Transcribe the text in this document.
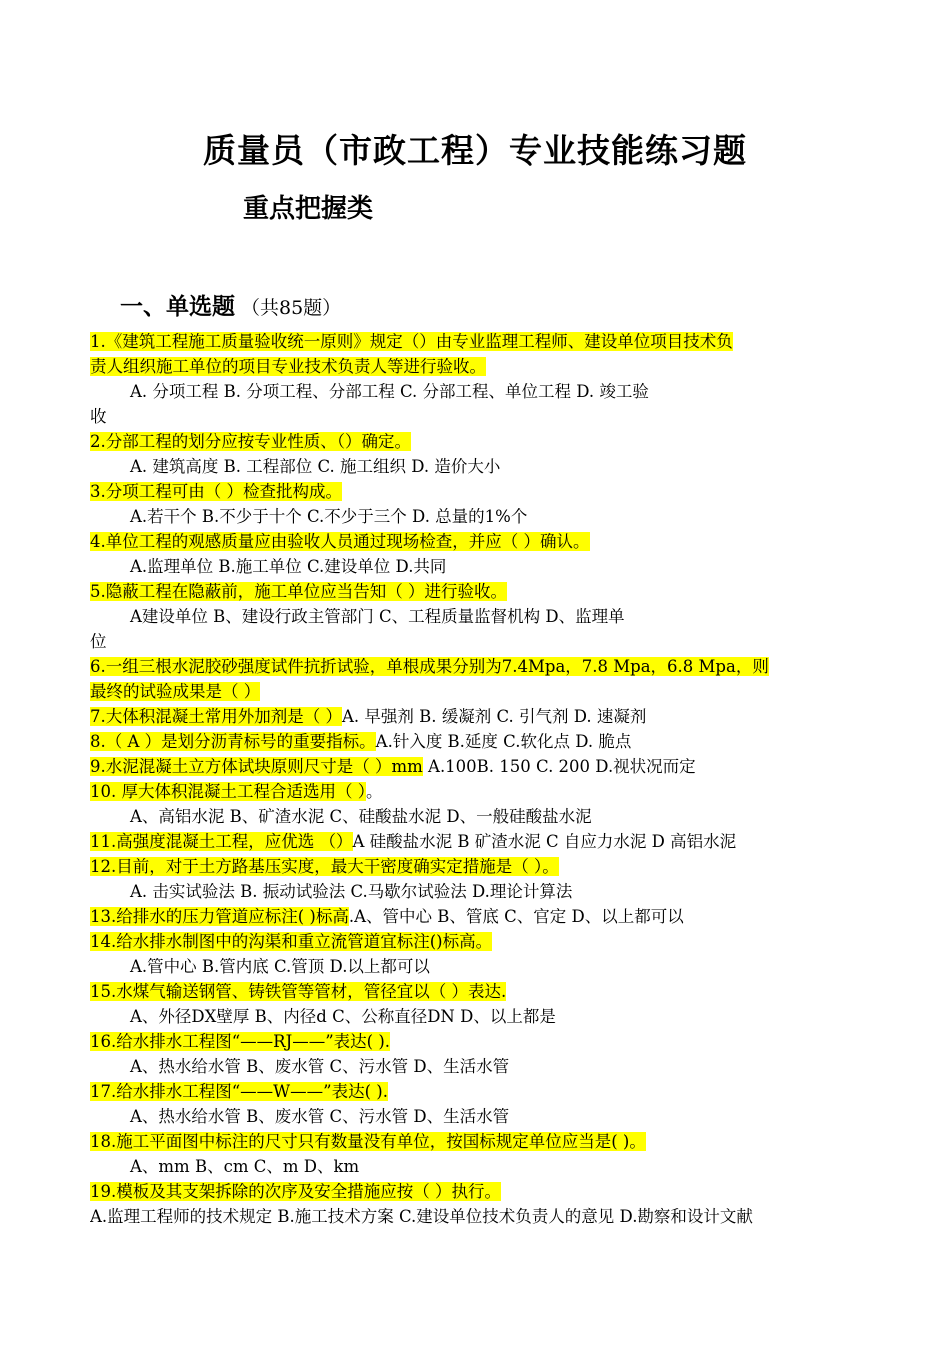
质量员（市政工程）专业技能练习题
重点把握类
一、单选题 （共85题）
1.《建筑工程施工质量验收统一原则》规定（）由专业监理工程师、建设单位项目技术负
责人组织施工单位的项目专业技术负责人等进行验收。
A. 分项工程 B. 分项工程、分部工程 C. 分部工程、单位工程 D. 竣工验
收
2.分部工程的划分应按专业性质、（）确定。
A. 建筑高度 B. 工程部位 C. 施工组织 D. 造价大小
3.分项工程可由（ ）检查批构成。
A.若干个 B.不少于十个 C.不少于三个 D. 总量的1%个
4.单位工程的观感质量应由验收人员通过现场检查，并应（ ）确认。
A.监理单位 B.施工单位 C.建设单位 D.共同
5.隐蔽工程在隐蔽前，施工单位应当告知（ ）进行验收。
A建设单位 B、建设行政主管部门 C、工程质量监督机构 D、监理单
位
6.一组三根水泥胶砂强度试件抗折试验，单根成果分别为7.4Mpa，7.8 Mpa，6.8 Mpa，则
最终的试验成果是（ ）
7.大体积混凝土常用外加剂是（ ）A. 早强剂 B. 缓凝剂 C. 引气剂 D. 速凝剂
8.（ A ）是划分沥青标号的重要指标。A.针入度 B.延度 C.软化点 D. 脆点
9.水泥混凝土立方体试块原则尺寸是（ ）mm A.100B. 150 C. 200 D.视状况而定
10. 厚大体积混凝土工程合适选用（ ）。
A、高铝水泥 B、矿渣水泥 C、硅酸盐水泥 D、一般硅酸盐水泥
11.高强度混凝土工程，应优选 （）A 硅酸盐水泥 B 矿渣水泥 C 自应力水泥 D 高铝水泥
12.目前，对于土方路基压实度，最大干密度确实定措施是（ ）。
A. 击实试验法 B. 振动试验法 C.马歇尔试验法 D.理论计算法
13.给排水的压力管道应标注( )标高.A、管中心 B、管底 C、官定 D、以上都可以
14.给水排水制图中的沟渠和重立流管道宜标注()标高。
A.管中心 B.管内底 C.管顶 D.以上都可以
15.水煤气输送钢管、铸铁管等管材，管径宜以（ ）表达.
A、外径DX壁厚 B、内径d C、公称直径DN D、以上都是
16.给水排水工程图“——RJ——”表达( ).
A、热水给水管 B、废水管 C、污水管 D、生活水管
17.给水排水工程图“——W——”表达( ).
A、热水给水管 B、废水管 C、污水管 D、生活水管
18.施工平面图中标注的尺寸只有数量没有单位，按国标规定单位应当是( )。
A、mm B、cm C、m D、km
19.模板及其支架拆除的次序及安全措施应按（ ）执行。
A.监理工程师的技术规定 B.施工技术方案 C.建设单位技术负责人的意见 D.勘察和设计文献
